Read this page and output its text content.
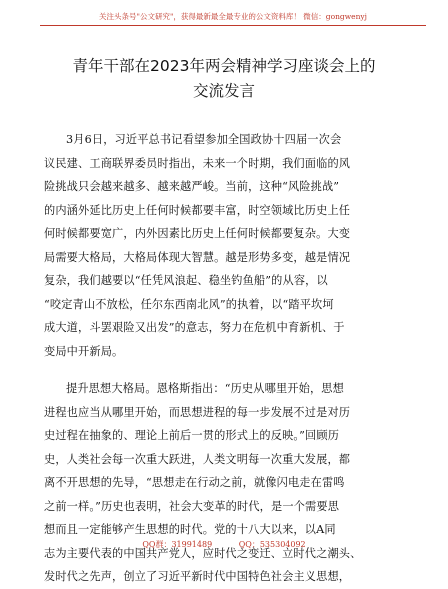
关注头条号"公文研究"，获得最新最全最专业的公文资料库！ 微信：gongwenyj
青年干部在2023年两会精神学习座谈会上的
交流发言
3月6日，习近平总书记看望参加全国政协十四届一次会
议民建、工商联界委员时指出，未来一个时期，我们面临的风
险挑战只会越来越多、越来越严峻。当前，这种“风险挑战”
的内涵外延比历史上任何时候都要丰富，时空领域比历史上任
何时候都要宽广，内外因素比历史上任何时候都要复杂。大变
局需要大格局，大格局体现大智慧。越是形势多变，越是情况
复杂，我们越要以“任凭风浪起、稳坐钓鱼船”的从容，以
“咬定青山不放松，任尔东西南北风”的执着，以“踏平坎坷
成大道，斗罢艰险又出发”的意志，努力在危机中育新机、于
变局中开新局。
提升思想大格局。恩格斯指出：“历史从哪里开始，思想
进程也应当从哪里开始，而思想进程的每一步发展不过是对历
史过程在抽象的、理论上前后一贯的形式上的反映。”回顾历
史，人类社会每一次重大跃进，人类文明每一次重大发展，都
离不开思想的先导，“思想走在行动之前，就像闪电走在雷鸣
之前一样。”历史也表明，社会大变革的时代，是一个需要思
想而且一定能够产生思想的时代。党的十八大以来，以A同
志为主要代表的中国共产党人，应时代之变迁、立时代之潮头、
发时代之先声，创立了习近平新时代中国特色社会主义思想，
QQ群：31991489	QQ：535304092
